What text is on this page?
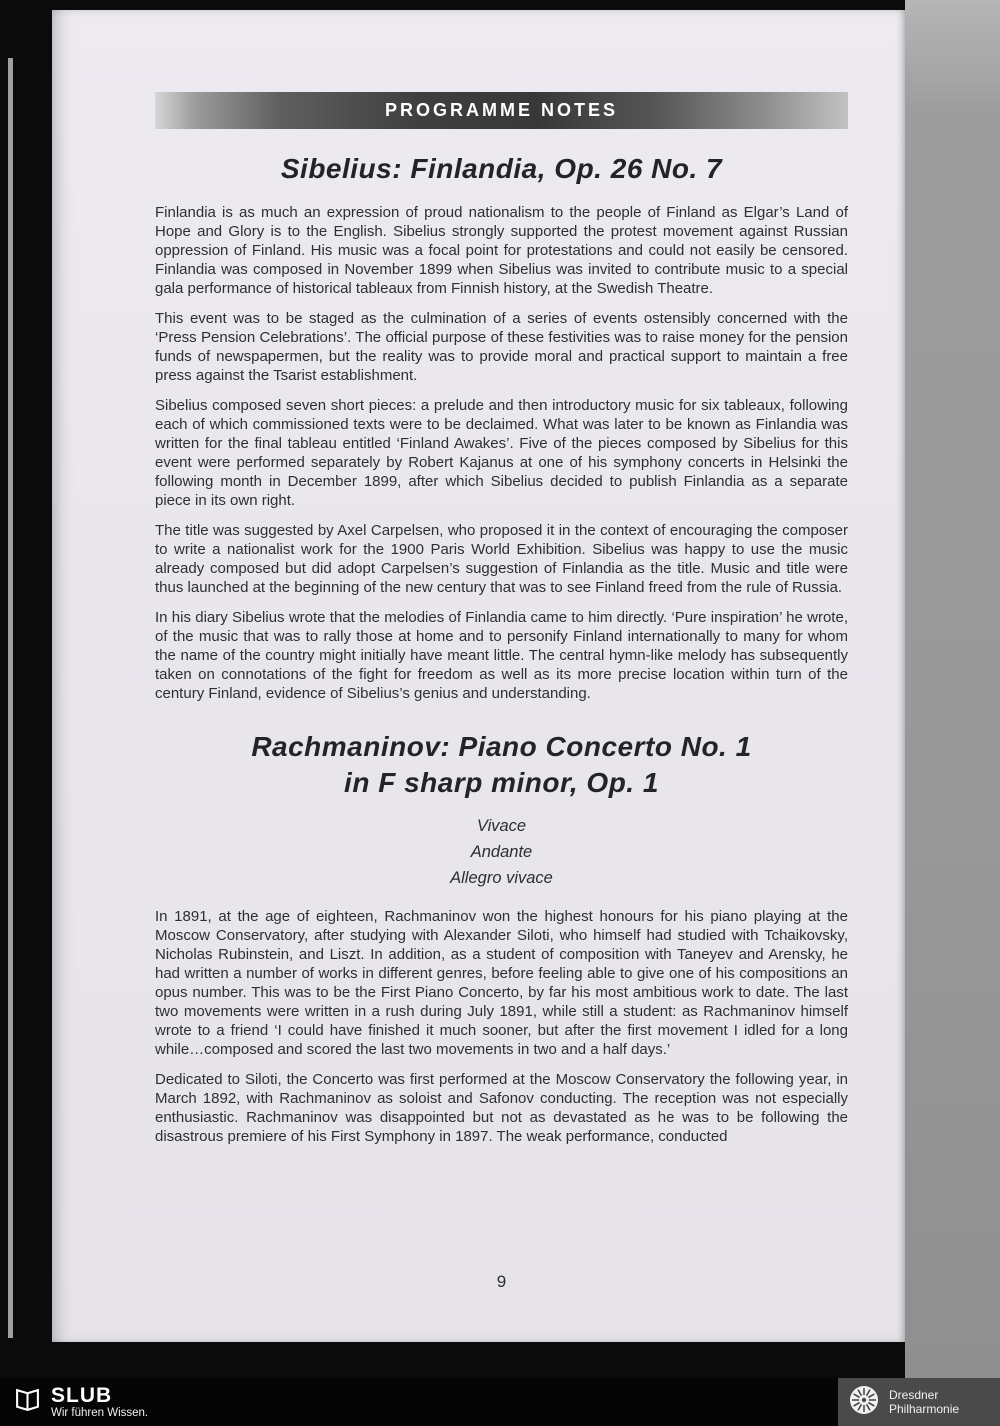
PROGRAMME NOTES
Sibelius: Finlandia, Op. 26 No. 7

Finlandia is as much an expression of proud nationalism to the people of Finland as Elgar’s Land of Hope and Glory is to the English. Sibelius strongly supported the protest movement against Russian oppression of Finland. His music was a focal point for protestations and could not easily be censored. Finlandia was composed in November 1899 when Sibelius was invited to contribute music to a special gala performance of historical tableaux from Finnish history, at the Swedish Theatre.

This event was to be staged as the culmination of a series of events ostensibly concerned with the ‘Press Pension Celebrations’. The official purpose of these festivities was to raise money for the pension funds of newspapermen, but the reality was to provide moral and practical support to maintain a free press against the Tsarist establishment.

Sibelius composed seven short pieces: a prelude and then introductory music for six tableaux, following each of which commissioned texts were to be declaimed. What was later to be known as Finlandia was written for the final tableau entitled ‘Finland Awakes’. Five of the pieces composed by Sibelius for this event were performed separately by Robert Kajanus at one of his symphony concerts in Helsinki the following month in December 1899, after which Sibelius decided to publish Finlandia as a separate piece in its own right.

The title was suggested by Axel Carpelsen, who proposed it in the context of encouraging the composer to write a nationalist work for the 1900 Paris World Exhibition. Sibelius was happy to use the music already composed but did adopt Carpelsen’s suggestion of Finlandia as the title. Music and title were thus launched at the beginning of the new century that was to see Finland freed from the rule of Russia.

In his diary Sibelius wrote that the melodies of Finlandia came to him directly. ‘Pure inspiration’ he wrote, of the music that was to rally those at home and to personify Finland internationally to many for whom the name of the country might initially have meant little. The central hymn-like melody has subsequently taken on connotations of the fight for freedom as well as its more precise location within turn of the century Finland, evidence of Sibelius’s genius and understanding.

Rachmaninov: Piano Concerto No. 1
in F sharp minor, Op. 1
Vivace
Andante
Allegro vivace

In 1891, at the age of eighteen, Rachmaninov won the highest honours for his piano playing at the Moscow Conservatory, after studying with Alexander Siloti, who himself had studied with Tchaikovsky, Nicholas Rubinstein, and Liszt. In addition, as a student of composition with Taneyev and Arensky, he had written a number of works in different genres, before feeling able to give one of his compositions an opus number. This was to be the First Piano Concerto, by far his most ambitious work to date. The last two movements were written in a rush during July 1891, while still a student: as Rachmaninov himself wrote to a friend ‘I could have finished it much sooner, but after the first movement I idled for a long while…composed and scored the last two movements in two and a half days.’

Dedicated to Siloti, the Concerto was first performed at the Moscow Conservatory the following year, in March 1892, with Rachmaninov as soloist and Safonov conducting. The reception was not especially enthusiastic. Rachmaninov was disappointed but not as devastated as he was to be following the disastrous premiere of his First Symphony in 1897. The weak performance, conducted

9
SLUB
Wir führen Wissen.
Dresdner
Philharmonie
